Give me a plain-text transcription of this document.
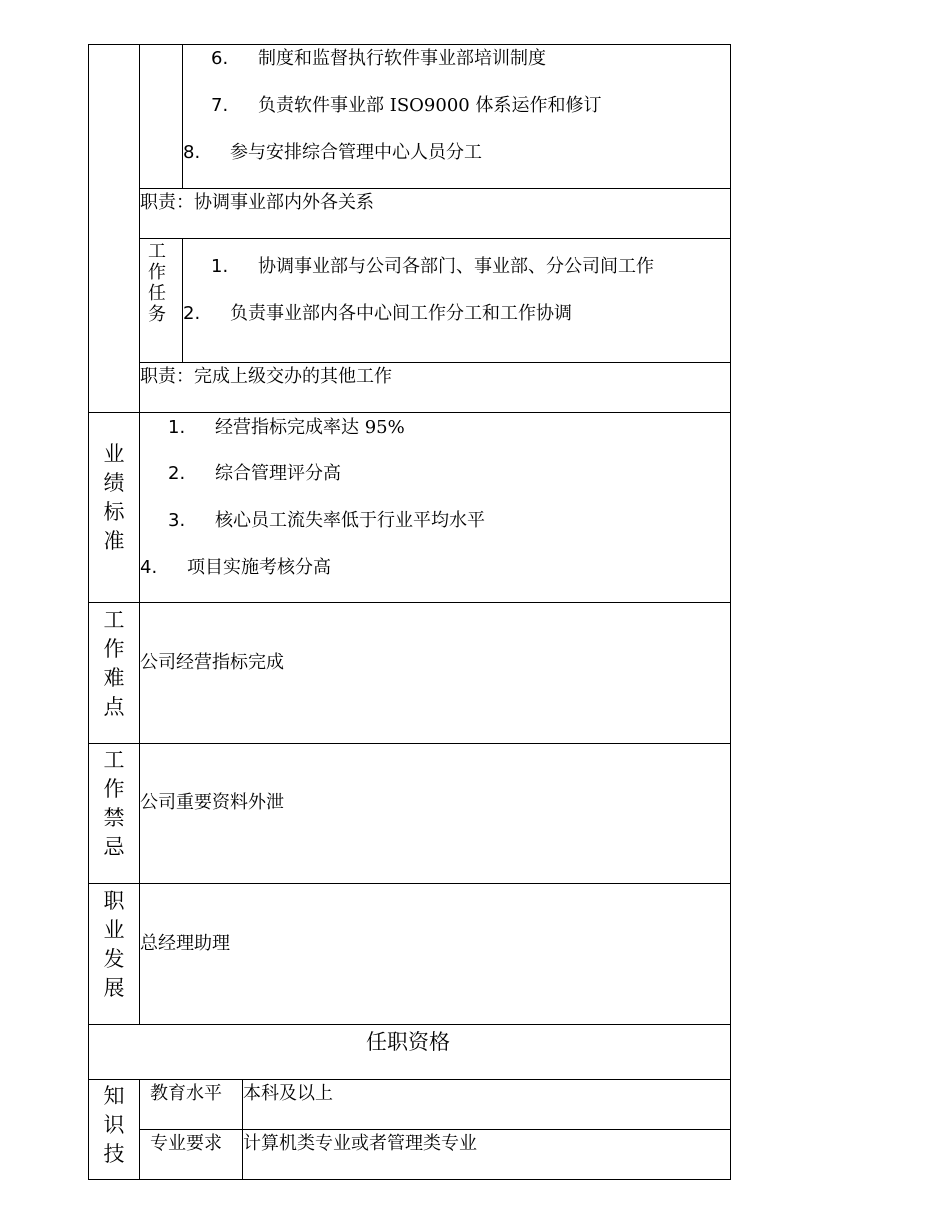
6. 制度和监督执行软件事业部培训制度
7. 负责软件事业部 ISO9000 体系运作和修订
8. 参与安排综合管理中心人员分工
职责：协调事业部内外各关系
工作任务
1. 协调事业部与公司各部门、事业部、分公司间工作
2. 负责事业部内各中心间工作分工和工作协调
职责：完成上级交办的其他工作
业绩标准
1. 经营指标完成率达 95%
2. 综合管理评分高
3. 核心员工流失率低于行业平均水平
4. 项目实施考核分高
工作难点
公司经营指标完成
工作禁忌
公司重要资料外泄
职业发展
总经理助理
任职资格
知识技
教育水平 本科及以上
专业要求 计算机类专业或者管理类专业
